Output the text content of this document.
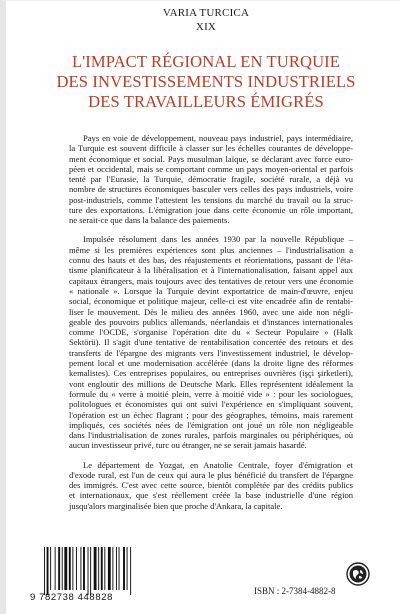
VARIA TURCICA
XIX
L'IMPACT RÉGIONAL EN TURQUIE
DES INVESTISSEMENTS INDUSTRIELS
DES TRAVAILLEURS ÉMIGRÉS

Pays en voie de développement, nouveau pays industriel, pays intermédiaire,
la Turquie est souvent difficile à classer sur les échelles courantes de développe-
ment économique et social. Pays musulman laïque, se déclarant avec force euro-
péen et occidental, mais se comportant comme un pays moyen-oriental et parfois
tenté par l'Eurasie, la Turquie, démocratie fragile, société rurale, a déjà vu
nombre de structures économiques basculer vers celles des pays industriels, voire
post-industriels, comme l'attestent les tensions du marché du travail ou la struc-
ture des exportations. L'émigration joue dans cette économie un rôle important,
ne serait-ce que dans la balance des paiements.

Impulsée résolument dans les années 1930 par la nouvelle République –
même si les premières expériences sont plus anciennes – l'industrialisation a
connu des hauts et des bas, des réajustements et réorientations, passant de l'éta-
tisme planificateur à la libéralisation et à l'internationalisation, faisant appel aux
capitaux étrangers, mais toujours avec des tentatives de retour vers une économie
« nationale ». Lorsque la Turquie devint exportatrice de main-d'œuvre, enjeu
social, économique et politique majeur, celle-ci est vite encadrée afin de rentabi-
liser le mouvement. Dès le milieu des années 1960, avec une aide non négli-
geable des pouvoirs publics allemands, néerlandais et d'instances internationales
comme l'OCDE, s'organise l'opération dite du « Secteur Populaire » (Halk
Sektörü). Il s'agit d'une tentative de rentabilisation concertée des retours et des
transferts de l'épargne des migrants vers l'investissement industriel, le dévelop-
pement local et une modernisation accélérée (dans la droite ligne des réformes
kemalistes). Ces entreprises populaires, ou entreprises ouvrières (işçi şirketleri),
vont engloutir des millions de Deutsche Mark. Elles représentent idéalement la
formule du « verre à moitié plein, verre à moitié vide » : pour les sociologues,
politologues et économistes qui ont suivi l'expérience en s'impliquant souvent,
l'opération est un échec flagrant ; pour des géographes, témoins, mais rarement
impliqués, ces sociétés nées de l'émigration ont joué un rôle non négligeable
dans l'industrialisation de zones rurales, parfois marginales ou périphériques, où
aucun investisseur privé, turc ou étranger, ne se serait jamais hasardé.

Le département de Yozgat, en Anatolie Centrale, foyer d'émigration et
d'exode rural, est l'un de ceux qui aura le plus bénéficié du transfert de l'épargne
des immigrés. C'est avec cette source, bientôt complétée par des crédits publics
et internationaux, que s'est réellement créée la base industrielle d'une région
jusqu'alors marginalisée bien que proche d'Ankara, la capitale.

9 782738 448828
ISBN : 2-7384-4882-8
